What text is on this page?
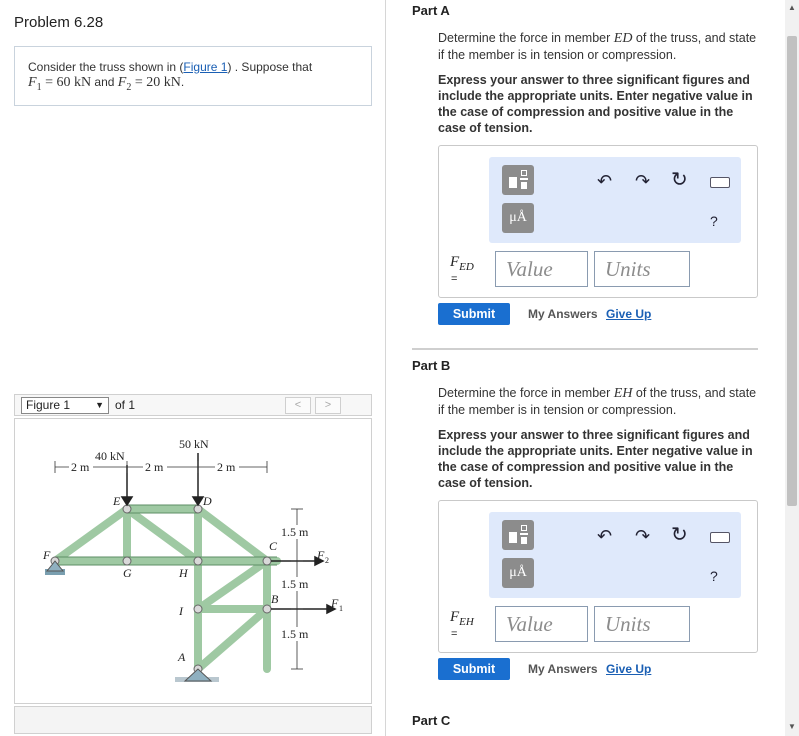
Problem 6.28
Consider the truss shown in (Figure 1) . Suppose that
$F_1 = 60$ kN and $F_2 = 20$ kN.
Figure 1	▼ of 1	<	>
40 kN
50 kN
2 m	2 m	2 m
1.5 m
1.5 m
1.5 m
E	D
F
G	H
C
B
I
A
F
F
2
1
Part A
Determine the force in member ED of the truss, and state if the member is in tension or compression.
Express your answer to three significant figures and include the appropriate units. Enter negative value in the case of compression and positive value in the case of tension.
μÅ
↶ ↷ ↻
?
$F_{ED}$
=	Value	Units
Submit	My Answers Give Up
Part B
Determine the force in member EH of the truss, and state if the member is in tension or compression.
Express your answer to three significant figures and include the appropriate units. Enter negative value in the case of compression and positive value in the case of tension.
μÅ
↶ ↷ ↻
?
$F_{EH}$
=	Value	Units
Submit	My Answers Give Up
Part C
▲
▼
